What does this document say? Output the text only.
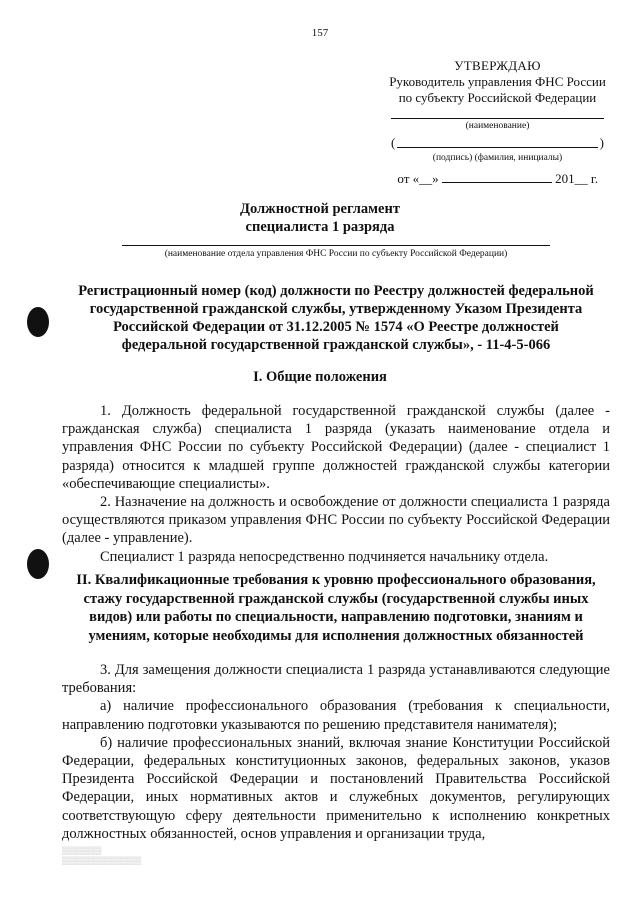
157
УТВЕРЖДАЮ
Руководитель управления ФНС России
по субъекту Российской Федерации
(наименование)
(	)
(подпись) (фамилия, инициалы)
от «__»	201__ г.
Должностной регламент
специалиста 1 разряда
(наименование отдела управления ФНС России по субъекту Российской Федерации)
Регистрационный номер (код) должности по Реестру должностей федеральной
государственной гражданской службы, утвержденному Указом Президента
Российской Федерации от 31.12.2005 № 1574 «О Реестре должностей
федеральной государственной гражданской службы», - 11-4-5-066
I. Общие положения

1. Должность федеральной государственной гражданской службы (далее - гражданская служба) специалиста 1 разряда (указать наименование отдела и управления ФНС России по субъекту Российской Федерации) (далее - специалист 1 разряда) относится к младшей группе должностей гражданской службы категории «обеспечивающие специалисты».

2. Назначение на должность и освобождение от должности специалиста 1 разряда осуществляются приказом управления ФНС России по субъекту Российской Федерации (далее - управление).

Специалист 1 разряда непосредственно подчиняется начальнику отдела.

II. Квалификационные требования к уровню профессионального образования,
стажу государственной гражданской службы (государственной службы иных
видов) или работы по специальности, направлению подготовки, знаниям и
умениям, которые необходимы для исполнения должностных обязанностей

3. Для замещения должности специалиста 1 разряда устанавливаются следующие требования:

а) наличие профессионального образования (требования к специальности, направлению подготовки указываются по решению представителя нанимателя);

б) наличие профессиональных знаний, включая знание Конституции Российской Федерации, федеральных конституционных законов, федеральных законов, указов Президента Российской Федерации и постановлений Правительства Российской Федерации, иных нормативных актов и служебных документов, регулирующих соответствующую сферу деятельности применительно к исполнению конкретных должностных обязанностей, основ управления и организации труда,

▒▒▒▒▒▒▒
▒▒▒▒▒▒▒▒▒▒▒▒▒▒
